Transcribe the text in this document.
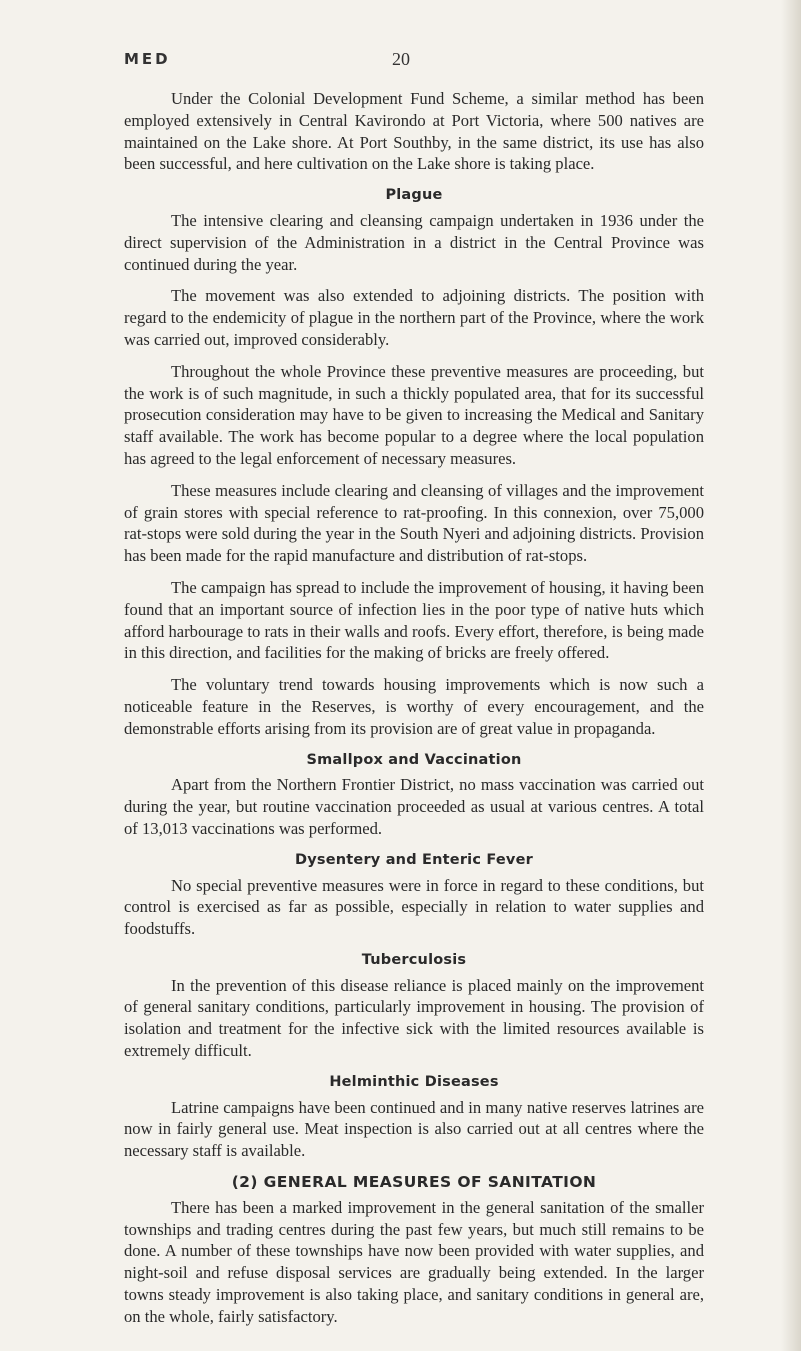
MED	20

Under the Colonial Development Fund Scheme, a similar method has been employed extensively in Central Kavirondo at Port Victoria, where 500 natives are maintained on the Lake shore. At Port Southby, in the same district, its use has also been successful, and here cultivation on the Lake shore is taking place.

Plague

The intensive clearing and cleansing campaign undertaken in 1936 under the direct supervision of the Administration in a district in the Central Province was continued during the year.

The movement was also extended to adjoining districts. The position with regard to the endemicity of plague in the northern part of the Province, where the work was carried out, improved considerably.

Throughout the whole Province these preventive measures are proceeding, but the work is of such magnitude, in such a thickly populated area, that for its successful prosecution consideration may have to be given to increasing the Medical and Sanitary staff available. The work has become popular to a degree where the local population has agreed to the legal enforcement of necessary measures.

These measures include clearing and cleansing of villages and the improvement of grain stores with special reference to rat-proofing. In this connexion, over 75,000 rat-stops were sold during the year in the South Nyeri and adjoining districts. Provision has been made for the rapid manufacture and distribution of rat-stops.

The campaign has spread to include the improvement of housing, it having been found that an important source of infection lies in the poor type of native huts which afford harbourage to rats in their walls and roofs. Every effort, therefore, is being made in this direction, and facilities for the making of bricks are freely offered.

The voluntary trend towards housing improvements which is now such a noticeable feature in the Reserves, is worthy of every encouragement, and the demonstrable efforts arising from its provision are of great value in propaganda.

Smallpox and Vaccination

Apart from the Northern Frontier District, no mass vaccination was carried out during the year, but routine vaccination proceeded as usual at various centres. A total of 13,013 vaccinations was performed.

Dysentery and Enteric Fever

No special preventive measures were in force in regard to these conditions, but control is exercised as far as possible, especially in relation to water supplies and foodstuffs.

Tuberculosis

In the prevention of this disease reliance is placed mainly on the improvement of general sanitary conditions, particularly improvement in housing. The provision of isolation and treatment for the infective sick with the limited resources available is extremely difficult.

Helminthic Diseases

Latrine campaigns have been continued and in many native reserves latrines are now in fairly general use. Meat inspection is also carried out at all centres where the necessary staff is available.

(2) GENERAL MEASURES OF SANITATION

There has been a marked improvement in the general sanitation of the smaller townships and trading centres during the past few years, but much still remains to be done. A number of these townships have now been provided with water supplies, and night-soil and refuse disposal services are gradually being extended. In the larger towns steady improvement is also taking place, and sanitary conditions in general are, on the whole, fairly satisfactory.
